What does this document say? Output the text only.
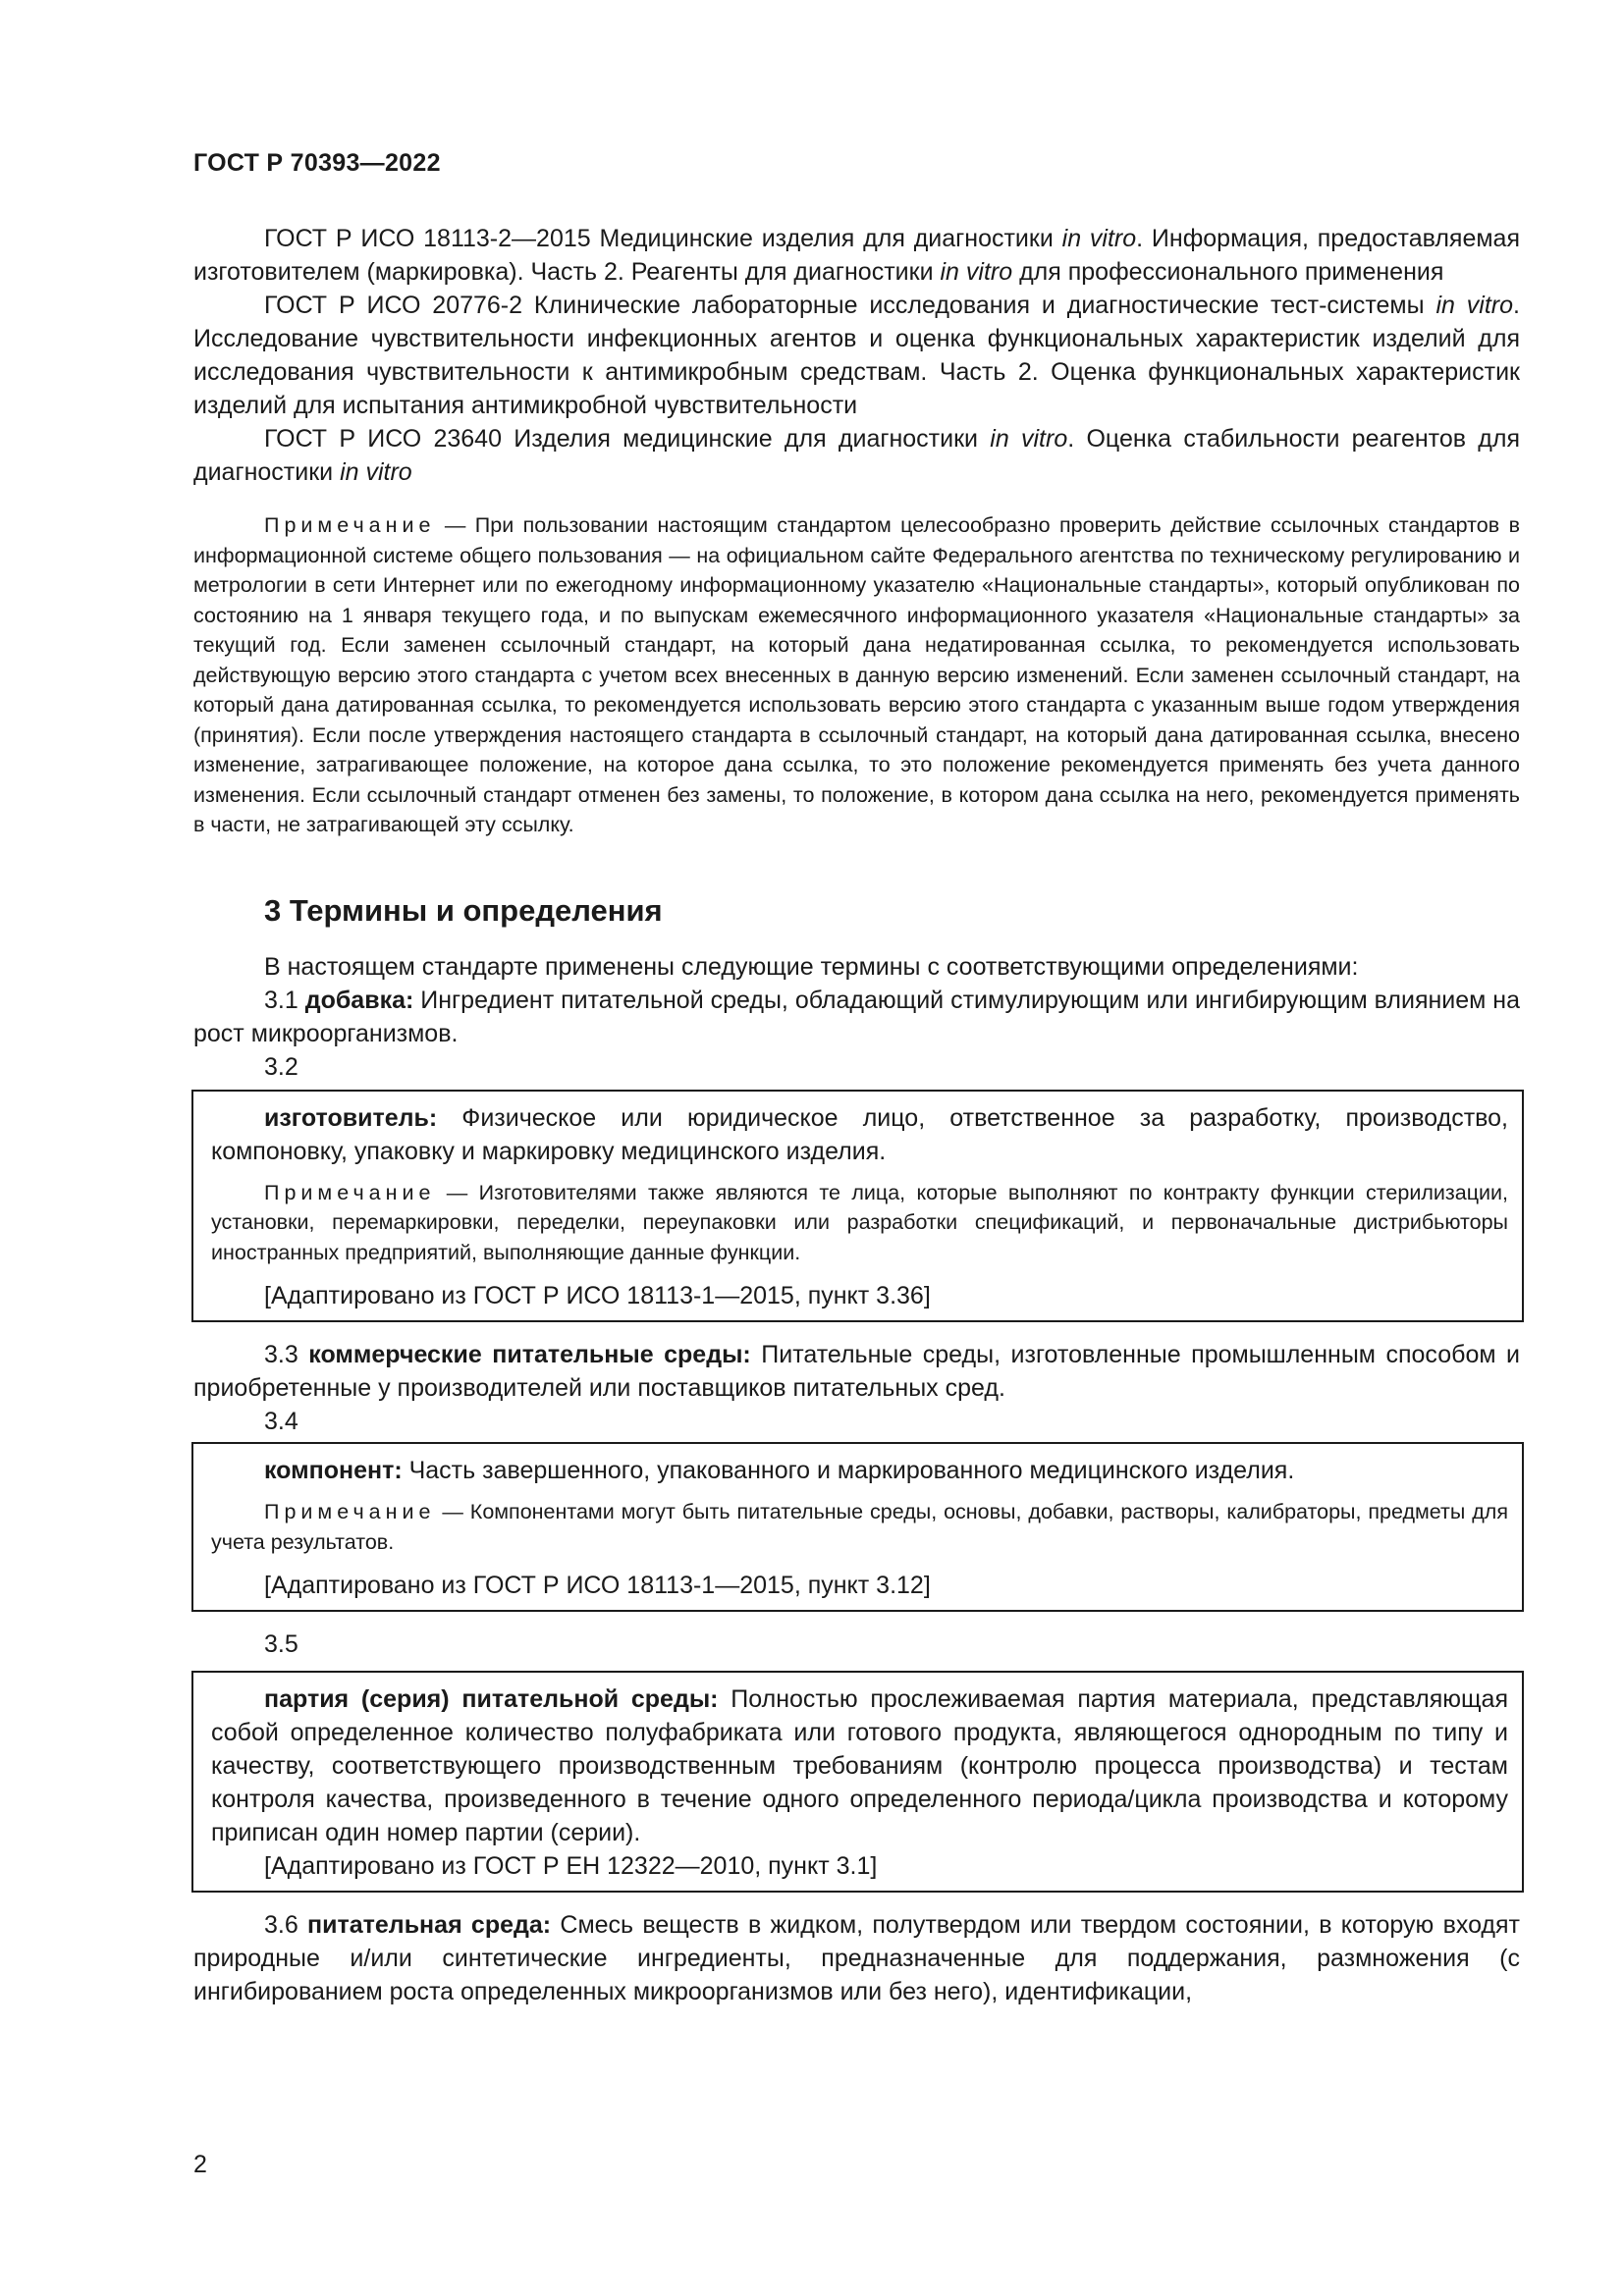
ГОСТ Р 70393—2022

ГОСТ Р ИСО 18113-2—2015 Медицинские изделия для диагностики in vitro. Информация, предоставляемая изготовителем (маркировка). Часть 2. Реагенты для диагностики in vitro для профессионального применения

ГОСТ Р ИСО 20776-2 Клинические лабораторные исследования и диагностические тест-системы in vitro. Исследование чувствительности инфекционных агентов и оценка функциональных характеристик изделий для исследования чувствительности к антимикробным средствам. Часть 2. Оценка функциональных характеристик изделий для испытания антимикробной чувствительности

ГОСТ Р ИСО 23640 Изделия медицинские для диагностики in vitro. Оценка стабильности реагентов для диагностики in vitro

Примечание — При пользовании настоящим стандартом целесообразно проверить действие ссылочных стандартов в информационной системе общего пользования — на официальном сайте Федерального агентства по техническому регулированию и метрологии в сети Интернет или по ежегодному информационному указателю «Национальные стандарты», который опубликован по состоянию на 1 января текущего года, и по выпускам ежемесячного информационного указателя «Национальные стандарты» за текущий год. Если заменен ссылочный стандарт, на который дана недатированная ссылка, то рекомендуется использовать действующую версию этого стандарта с учетом всех внесенных в данную версию изменений. Если заменен ссылочный стандарт, на который дана датированная ссылка, то рекомендуется использовать версию этого стандарта с указанным выше годом утверждения (принятия). Если после утверждения настоящего стандарта в ссылочный стандарт, на который дана датированная ссылка, внесено изменение, затрагивающее положение, на которое дана ссылка, то это положение рекомендуется применять без учета данного изменения. Если ссылочный стандарт отменен без замены, то положение, в котором дана ссылка на него, рекомендуется применять в части, не затрагивающей эту ссылку.

3 Термины и определения

В настоящем стандарте применены следующие термины с соответствующими определениями:

3.1 добавка: Ингредиент питательной среды, обладающий стимулирующим или ингибирующим влиянием на рост микроорганизмов.

3.2

изготовитель: Физическое или юридическое лицо, ответственное за разработку, производство, компоновку, упаковку и маркировку медицинского изделия.

Примечание — Изготовителями также являются те лица, которые выполняют по контракту функции стерилизации, установки, перемаркировки, переделки, переупаковки или разработки спецификаций, и первоначальные дистрибьюторы иностранных предприятий, выполняющие данные функции.

[Адаптировано из ГОСТ Р ИСО 18113-1—2015, пункт 3.36]

3.3 коммерческие питательные среды: Питательные среды, изготовленные промышленным способом и приобретенные у производителей или поставщиков питательных сред.

3.4

компонент: Часть завершенного, упакованного и маркированного медицинского изделия.

Примечание — Компонентами могут быть питательные среды, основы, добавки, растворы, калибраторы, предметы для учета результатов.

[Адаптировано из ГОСТ Р ИСО 18113-1—2015, пункт 3.12]

3.5

партия (серия) питательной среды: Полностью прослеживаемая партия материала, представляющая собой определенное количество полуфабриката или готового продукта, являющегося однородным по типу и качеству, соответствующего производственным требованиям (контролю процесса производства) и тестам контроля качества, произведенного в течение одного определенного периода/цикла производства и которому приписан один номер партии (серии).

[Адаптировано из ГОСТ Р ЕН 12322—2010, пункт 3.1]

3.6 питательная среда: Смесь веществ в жидком, полутвердом или твердом состоянии, в которую входят природные и/или синтетические ингредиенты, предназначенные для поддержания, размножения (с ингибированием роста определенных микроорганизмов или без него), идентификации,

2
